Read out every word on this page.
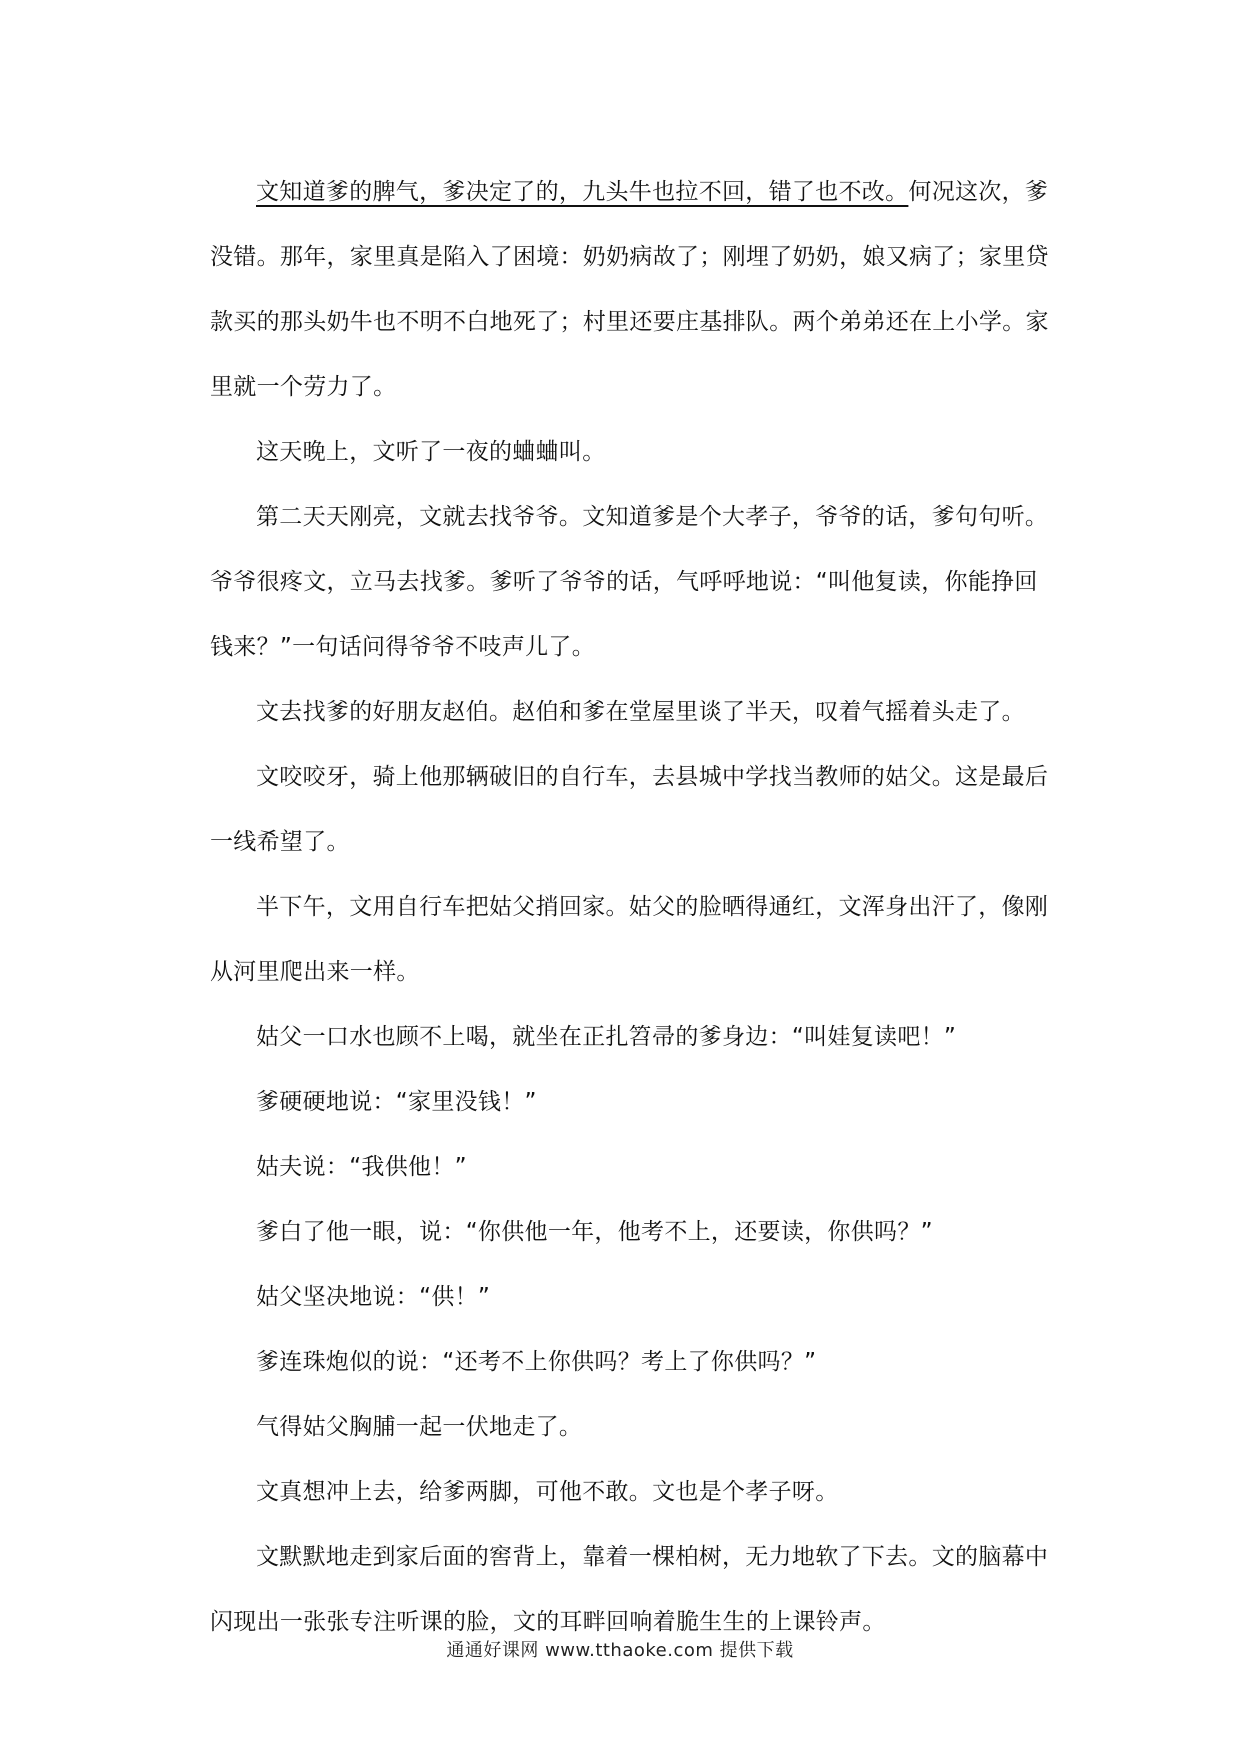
文知道爹的脾气，爹决定了的，九头牛也拉不回，错了也不改。何况这次，爹没错。那年，家里真是陷入了困境：奶奶病故了；刚埋了奶奶，娘又病了；家里贷款买的那头奶牛也不明不白地死了；村里还要庄基排队。两个弟弟还在上小学。家里就一个劳力了。

这天晚上，文听了一夜的蛐蛐叫。

第二天天刚亮，文就去找爷爷。文知道爹是个大孝子，爷爷的话，爹句句听。爷爷很疼文，立马去找爹。爹听了爷爷的话，气呼呼地说：“叫他复读，你能挣回钱来？”一句话问得爷爷不吱声儿了。

文去找爹的好朋友赵伯。赵伯和爹在堂屋里谈了半天，叹着气摇着头走了。

文咬咬牙，骑上他那辆破旧的自行车，去县城中学找当教师的姑父。这是最后一线希望了。

半下午，文用自行车把姑父捎回家。姑父的脸晒得通红，文浑身出汗了，像刚从河里爬出来一样。

姑父一口水也顾不上喝，就坐在正扎笤帚的爹身边：“叫娃复读吧！”

爹硬硬地说：“家里没钱！”

姑夫说：“我供他！”

爹白了他一眼，说：“你供他一年，他考不上，还要读，你供吗？”

姑父坚决地说：“供！”

爹连珠炮似的说：“还考不上你供吗？考上了你供吗？”

气得姑父胸脯一起一伏地走了。

文真想冲上去，给爹两脚，可他不敢。文也是个孝子呀。

文默默地走到家后面的窖背上，靠着一棵柏树，无力地软了下去。文的脑幕中闪现出一张张专注听课的脸，文的耳畔回响着脆生生的上课铃声。

通通好课网 www.tthaoke.com 提供下载
